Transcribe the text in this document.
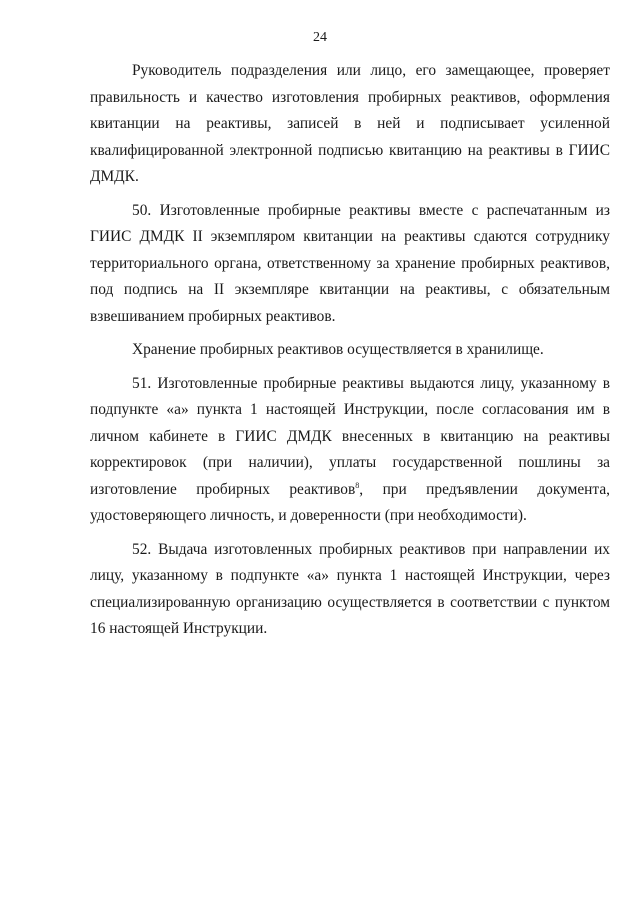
24

Руководитель подразделения или лицо, его замещающее, проверяет правильность и качество изготовления пробирных реактивов, оформления квитанции на реактивы, записей в ней и подписывает усиленной квалифицированной электронной подписью квитанцию на реактивы в ГИИС ДМДК.

50. Изготовленные пробирные реактивы вместе с распечатанным из ГИИС ДМДК II экземпляром квитанции на реактивы сдаются сотруднику территориального органа, ответственному за хранение пробирных реактивов, под подпись на II экземпляре квитанции на реактивы, с обязательным взвешиванием пробирных реактивов.

Хранение пробирных реактивов осуществляется в хранилище.

51. Изготовленные пробирные реактивы выдаются лицу, указанному в подпункте «а» пункта 1 настоящей Инструкции, после согласования им в личном кабинете в ГИИС ДМДК внесенных в квитанцию на реактивы корректировок (при наличии), уплаты государственной пошлины за изготовление пробирных реактивов$^8$, при предъявлении документа, удостоверяющего личность, и доверенности (при необходимости).

52. Выдача изготовленных пробирных реактивов при направлении их лицу, указанному в подпункте «а» пункта 1 настоящей Инструкции, через специализированную организацию осуществляется в соответствии с пунктом 16 настоящей Инструкции.
